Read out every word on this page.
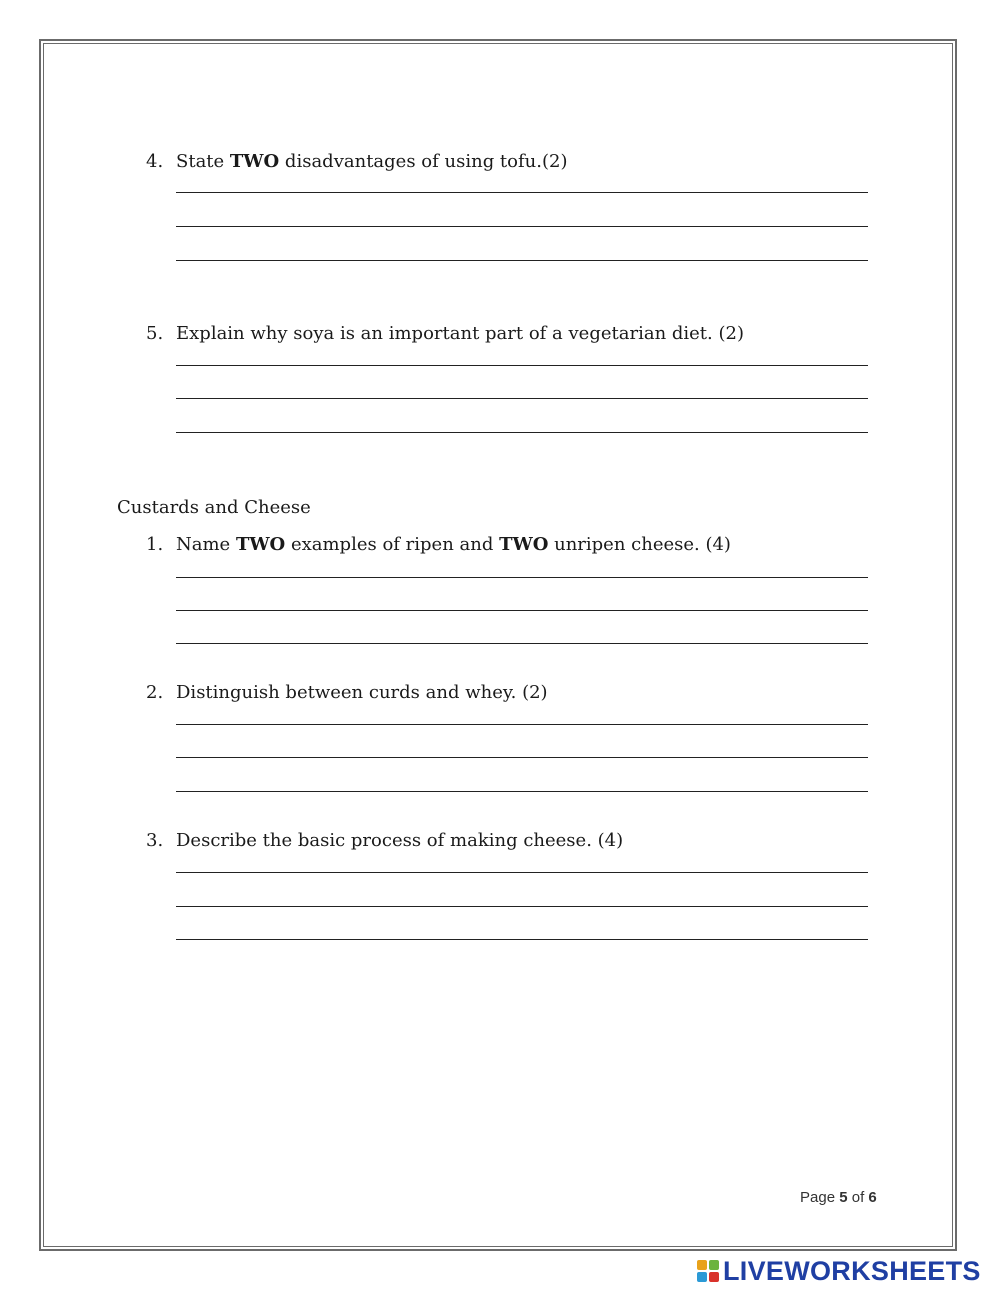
4. State TWO disadvantages of using tofu.(2)
5. Explain why soya is an important part of a vegetarian diet. (2)
Custards and Cheese
1. Name TWO examples of ripen and TWO unripen cheese. (4)
2. Distinguish between curds and whey. (2)
3. Describe the basic process of making cheese. (4)
Page 5 of 6
LIVEWORKSHEETS
